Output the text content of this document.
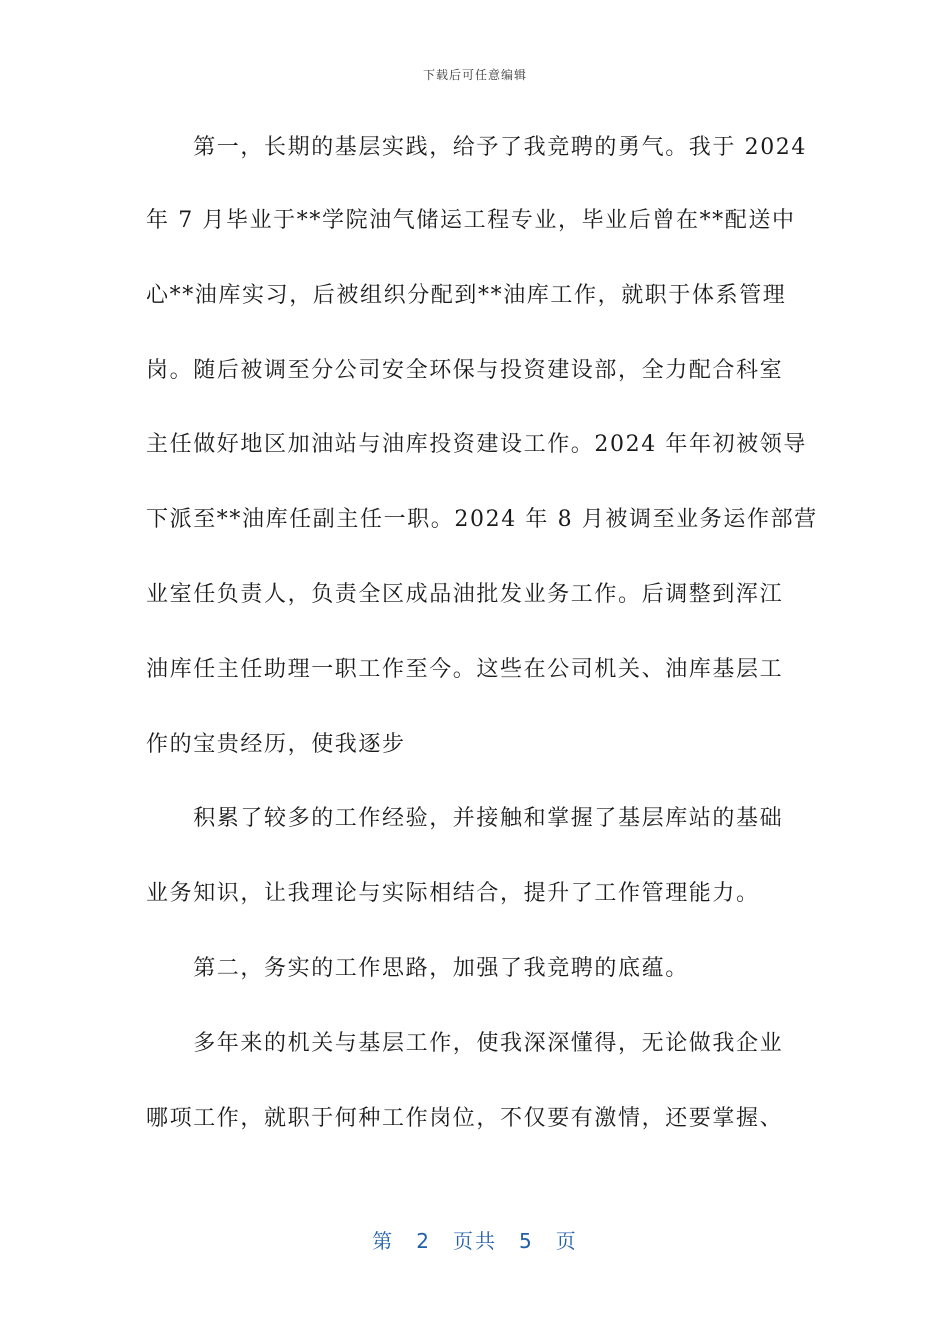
下载后可任意编辑
　　第一，长期的基层实践，给予了我竞聘的勇气。我于 2024
年 7 月毕业于**学院油气储运工程专业，毕业后曾在**配送中
心**油库实习，后被组织分配到**油库工作，就职于体系管理
岗。随后被调至分公司安全环保与投资建设部，全力配合科室
主任做好地区加油站与油库投资建设工作。2024 年年初被领导
下派至**油库任副主任一职。2024 年 8 月被调至业务运作部营
业室任负责人，负责全区成品油批发业务工作。后调整到浑江
油库任主任助理一职工作至今。这些在公司机关、油库基层工
作的宝贵经历，使我逐步
　　积累了较多的工作经验，并接触和掌握了基层库站的基础
业务知识，让我理论与实际相结合，提升了工作管理能力。
　　第二，务实的工作思路，加强了我竞聘的底蕴。
　　多年来的机关与基层工作，使我深深懂得，无论做我企业
哪项工作，就职于何种工作岗位，不仅要有激情，还要掌握、
第 2 页共 5 页
